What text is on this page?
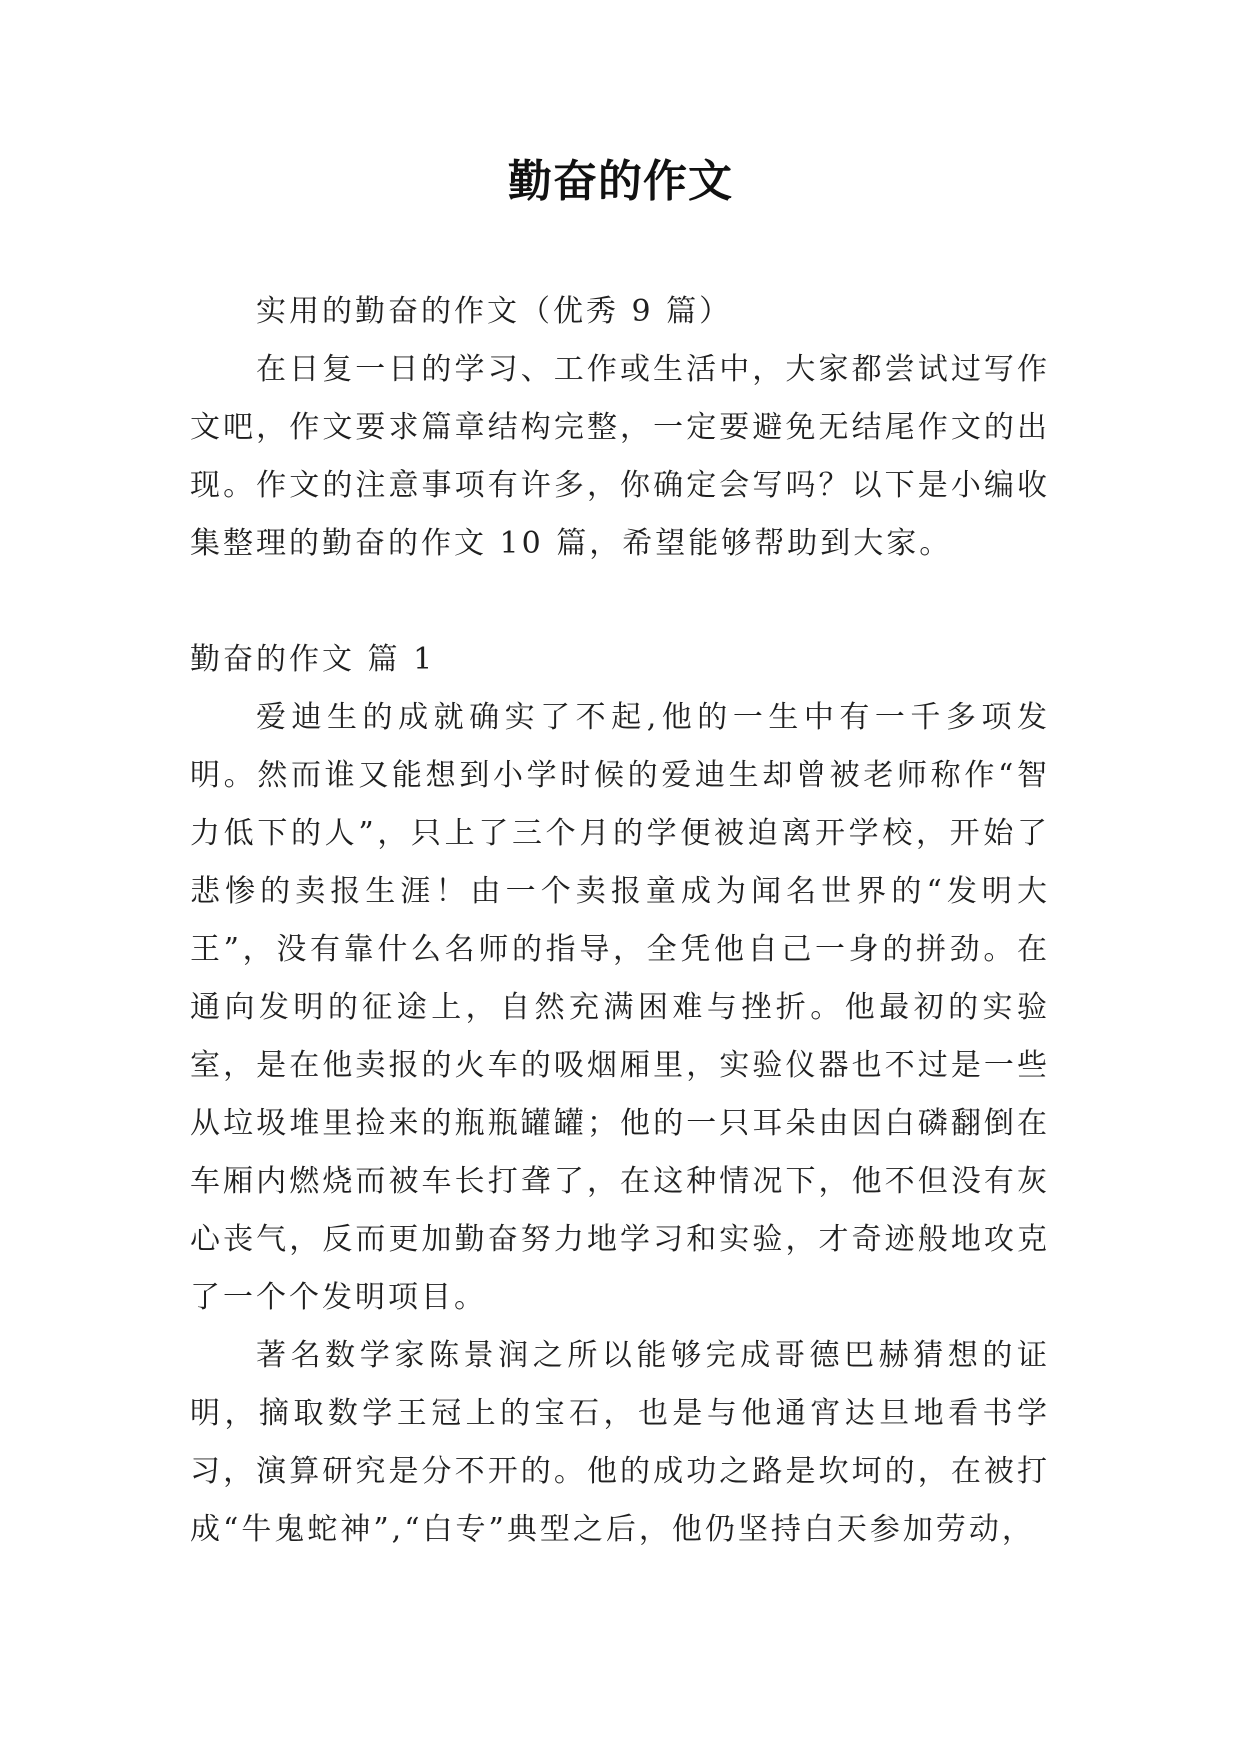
勤奋的作文

实用的勤奋的作文（优秀 9 篇）

在日复一日的学习、工作或生活中，大家都尝试过写作文吧，作文要求篇章结构完整，一定要避免无结尾作文的出现。作文的注意事项有许多，你确定会写吗？以下是小编收集整理的勤奋的作文 10 篇，希望能够帮助到大家。

勤奋的作文 篇 1

爱迪生的成就确实了不起,他的一生中有一千多项发明。然而谁又能想到小学时候的爱迪生却曾被老师称作“智力低下的人”，只上了三个月的学便被迫离开学校，开始了悲惨的卖报生涯！由一个卖报童成为闻名世界的“发明大王”，没有靠什么名师的指导，全凭他自己一身的拼劲。在通向发明的征途上，自然充满困难与挫折。他最初的实验室，是在他卖报的火车的吸烟厢里，实验仪器也不过是一些从垃圾堆里捡来的瓶瓶罐罐；他的一只耳朵由因白磷翻倒在车厢内燃烧而被车长打聋了，在这种情况下，他不但没有灰心丧气，反而更加勤奋努力地学习和实验，才奇迹般地攻克了一个个发明项目。

著名数学家陈景润之所以能够完成哥德巴赫猜想的证明，摘取数学王冠上的宝石，也是与他通宵达旦地看书学习，演算研究是分不开的。他的成功之路是坎坷的，在被打成“牛鬼蛇神”,“白专”典型之后，他仍坚持白天参加劳动，
